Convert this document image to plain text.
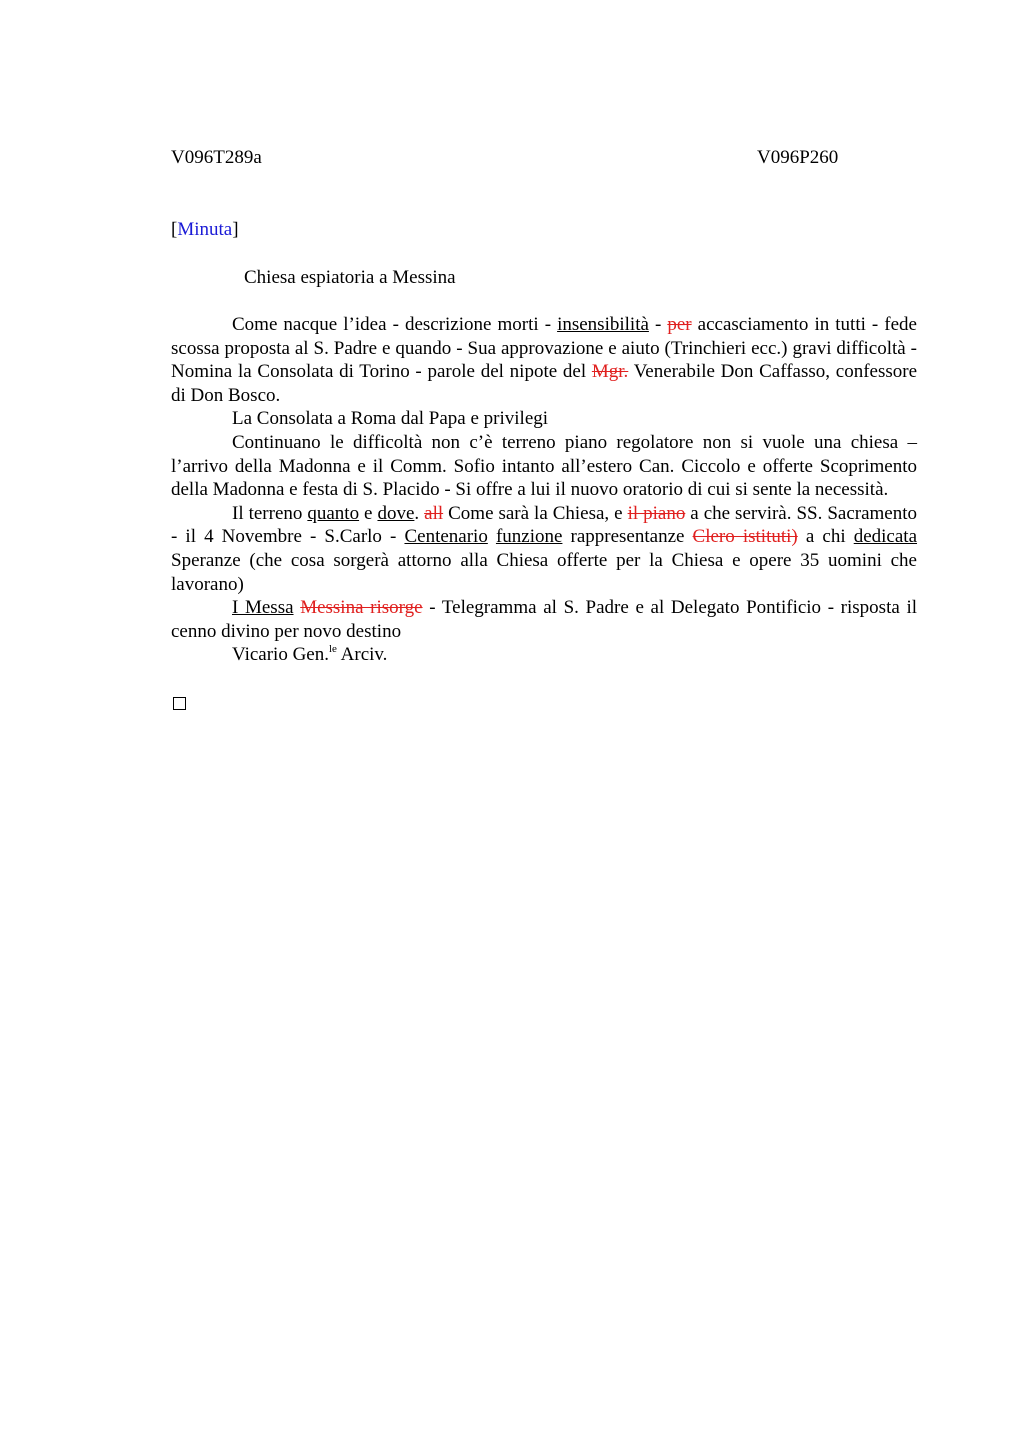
V096T289a	V096P260
[Minuta]
Chiesa espiatoria a Messina

Come nacque l’idea - descrizione morti - insensibilità - per accasciamento in tutti - fede scossa proposta al S. Padre e quando - Sua approvazione e aiuto (Trinchieri ecc.) gravi difficoltà - Nomina la Consolata di Torino - parole del nipote del Mgr. Venerabile Don Caffasso, confessore di Don Bosco.

La Consolata a Roma dal Papa e privilegi

Continuano le difficoltà non c’è terreno piano regolatore non si vuole una chiesa – l’arrivo della Madonna e il Comm. Sofio intanto all’estero Can. Ciccolo e offerte Scoprimento della Madonna e festa di S. Placido - Si offre a lui il nuovo oratorio di cui si sente la necessità.

Il terreno quanto e dove. all Come sarà la Chiesa, e il piano a che servirà. SS. Sacramento - il 4 Novembre - S.Carlo - Centenario funzione rappresentanze Clero istituti) a chi dedicata Speranze (che cosa sorgerà attorno alla Chiesa offerte per la Chiesa e opere 35 uomini che lavorano)

I Messa Messina risorge - Telegramma al S. Padre e al Delegato Pontificio - risposta il cenno divino per novo destino

Vicario Gen.$^{le}$ Arciv.
